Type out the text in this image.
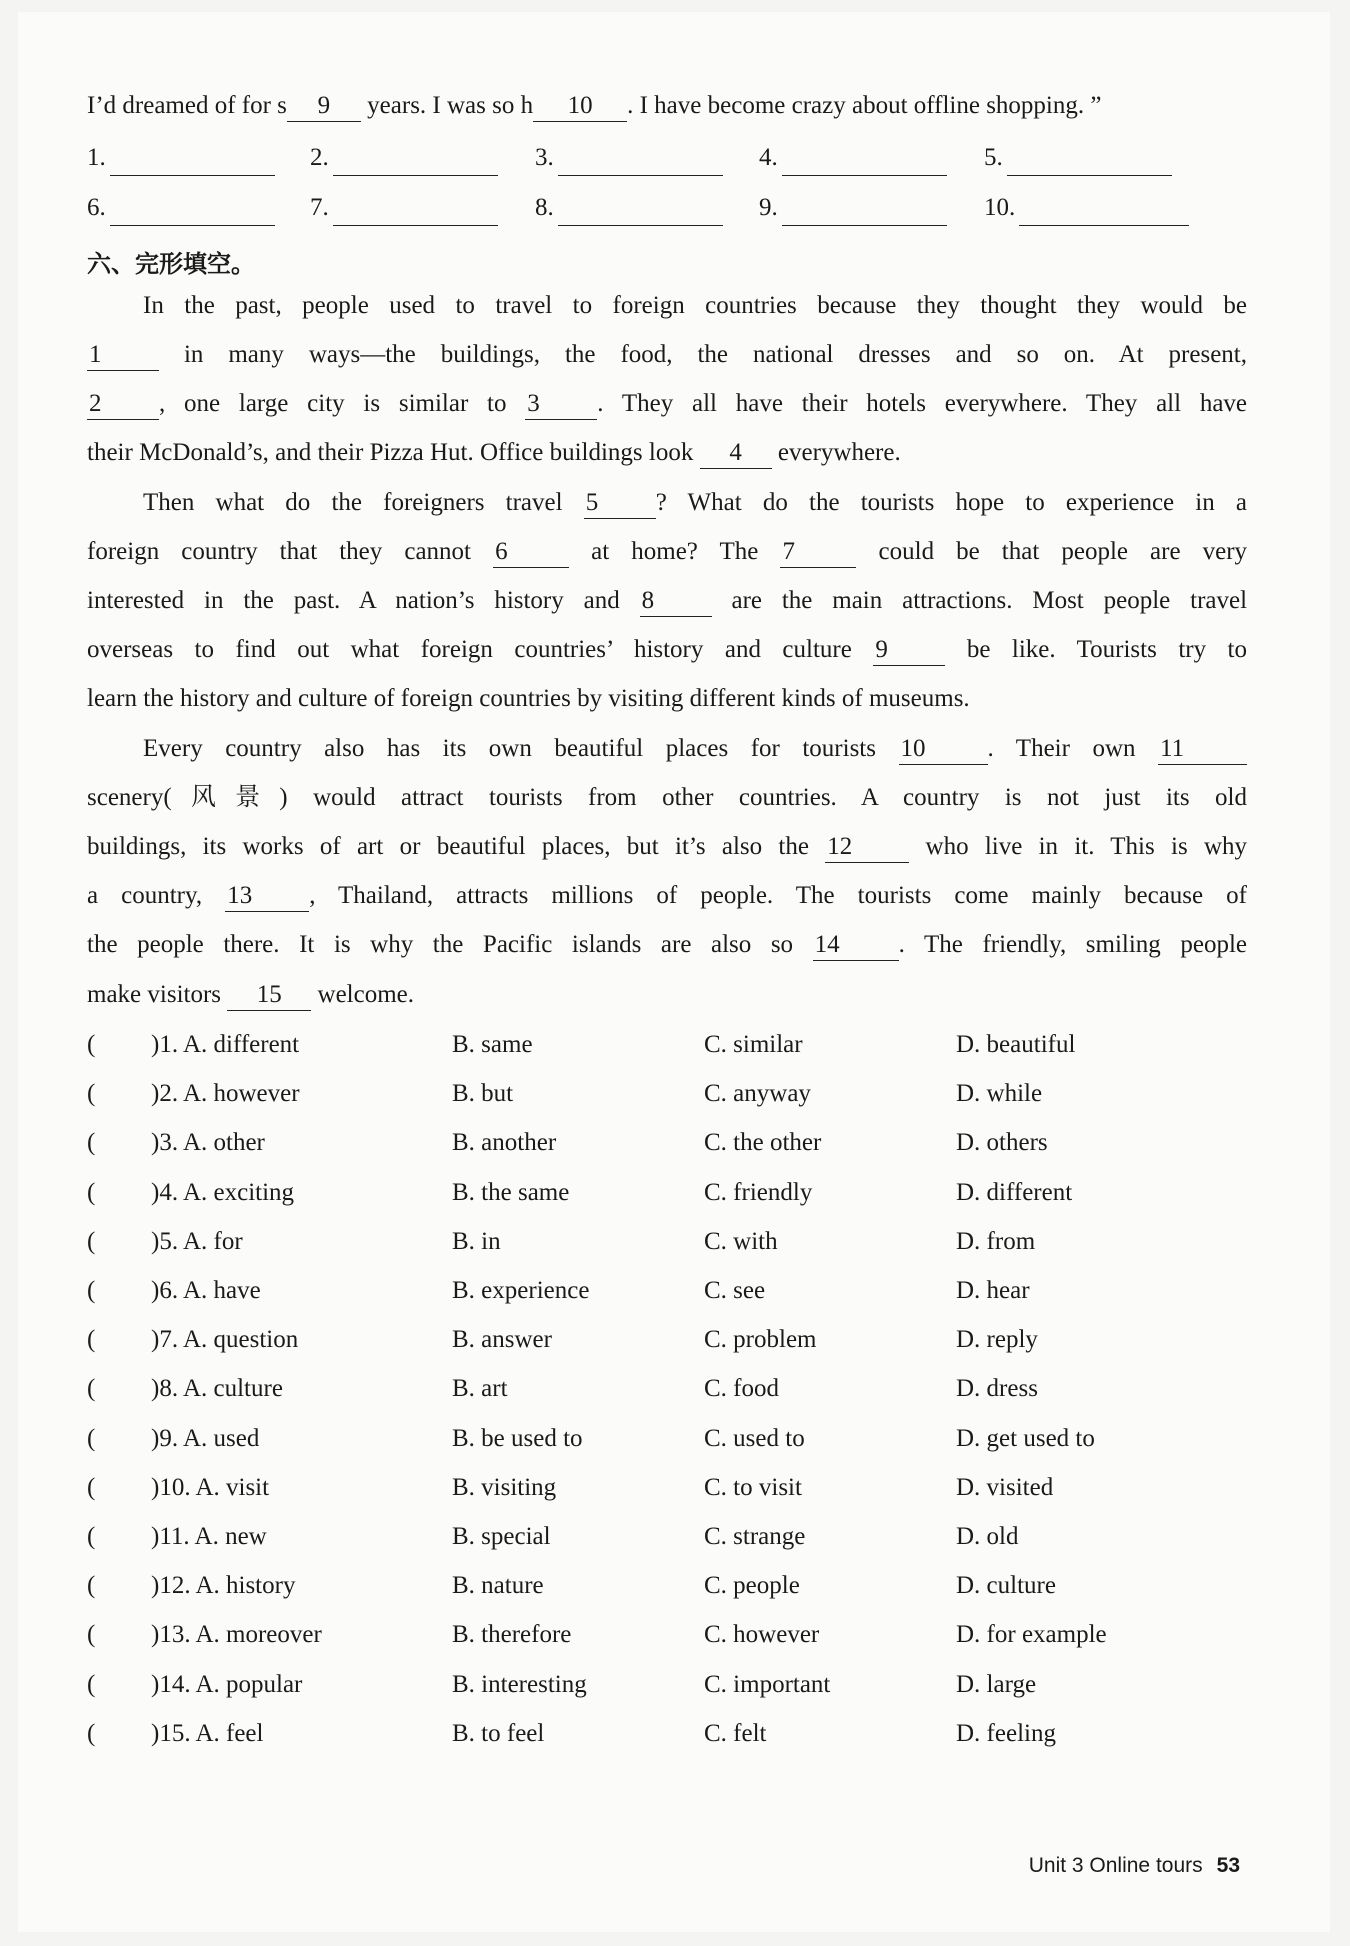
I’d dreamed of for s 9 years. I was so h 10 . I have become crazy about offline shopping. ”
1.	2.	3.	4.	5.
6.	7.	8.	9.	10.
六、完形填空。
In the past, people used to travel to foreign countries because they thought they would be
1	in many ways—the buildings, the food, the national dresses and so on. At present,
2 , one large city is similar to 3 . They all have their hotels everywhere. They all have
their McDonald’s, and their Pizza Hut. Office buildings look 4 everywhere.
Then what do the foreigners travel 5 ? What do the tourists hope to experience in a
foreign country that they cannot 6	at home? The 7	could be that people are very
interested in the past. A nation’s history and 8	are the main attractions. Most people travel
overseas to find out what foreign countries’ history and culture 9	be like. Tourists try to
learn the history and culture of foreign countries by visiting different kinds of museums.
Every country also has its own beautiful places for tourists 10 . Their own 11
scenery(风景) would attract tourists from other countries. A country is not just its old
buildings, its works of art or beautiful places, but it’s also the 12	who live in it. This is why
a country, 13 , Thailand, attracts millions of people. The tourists come mainly because of
the people there. It is why the Pacific islands are also so 14 . The friendly, smiling people
make visitors 15 welcome.
( )1. A. different	B. same	C. similar	D. beautiful
( )2. A. however	B. but	C. anyway	D. while
( )3. A. other	B. another	C. the other	D. others
( )4. A. exciting	B. the same	C. friendly	D. different
( )5. A. for	B. in	C. with	D. from
( )6. A. have	B. experience	C. see	D. hear
( )7. A. question	B. answer	C. problem	D. reply
( )8. A. culture	B. art	C. food	D. dress
( )9. A. used	B. be used to	C. used to	D. get used to
( )10. A. visit	B. visiting	C. to visit	D. visited
( )11. A. new	B. special	C. strange	D. old
( )12. A. history	B. nature	C. people	D. culture
( )13. A. moreover	B. therefore	C. however	D. for example
( )14. A. popular	B. interesting	C. important	D. large
( )15. A. feel	B. to feel	C. felt	D. feeling
Unit 3 Online tours 53
